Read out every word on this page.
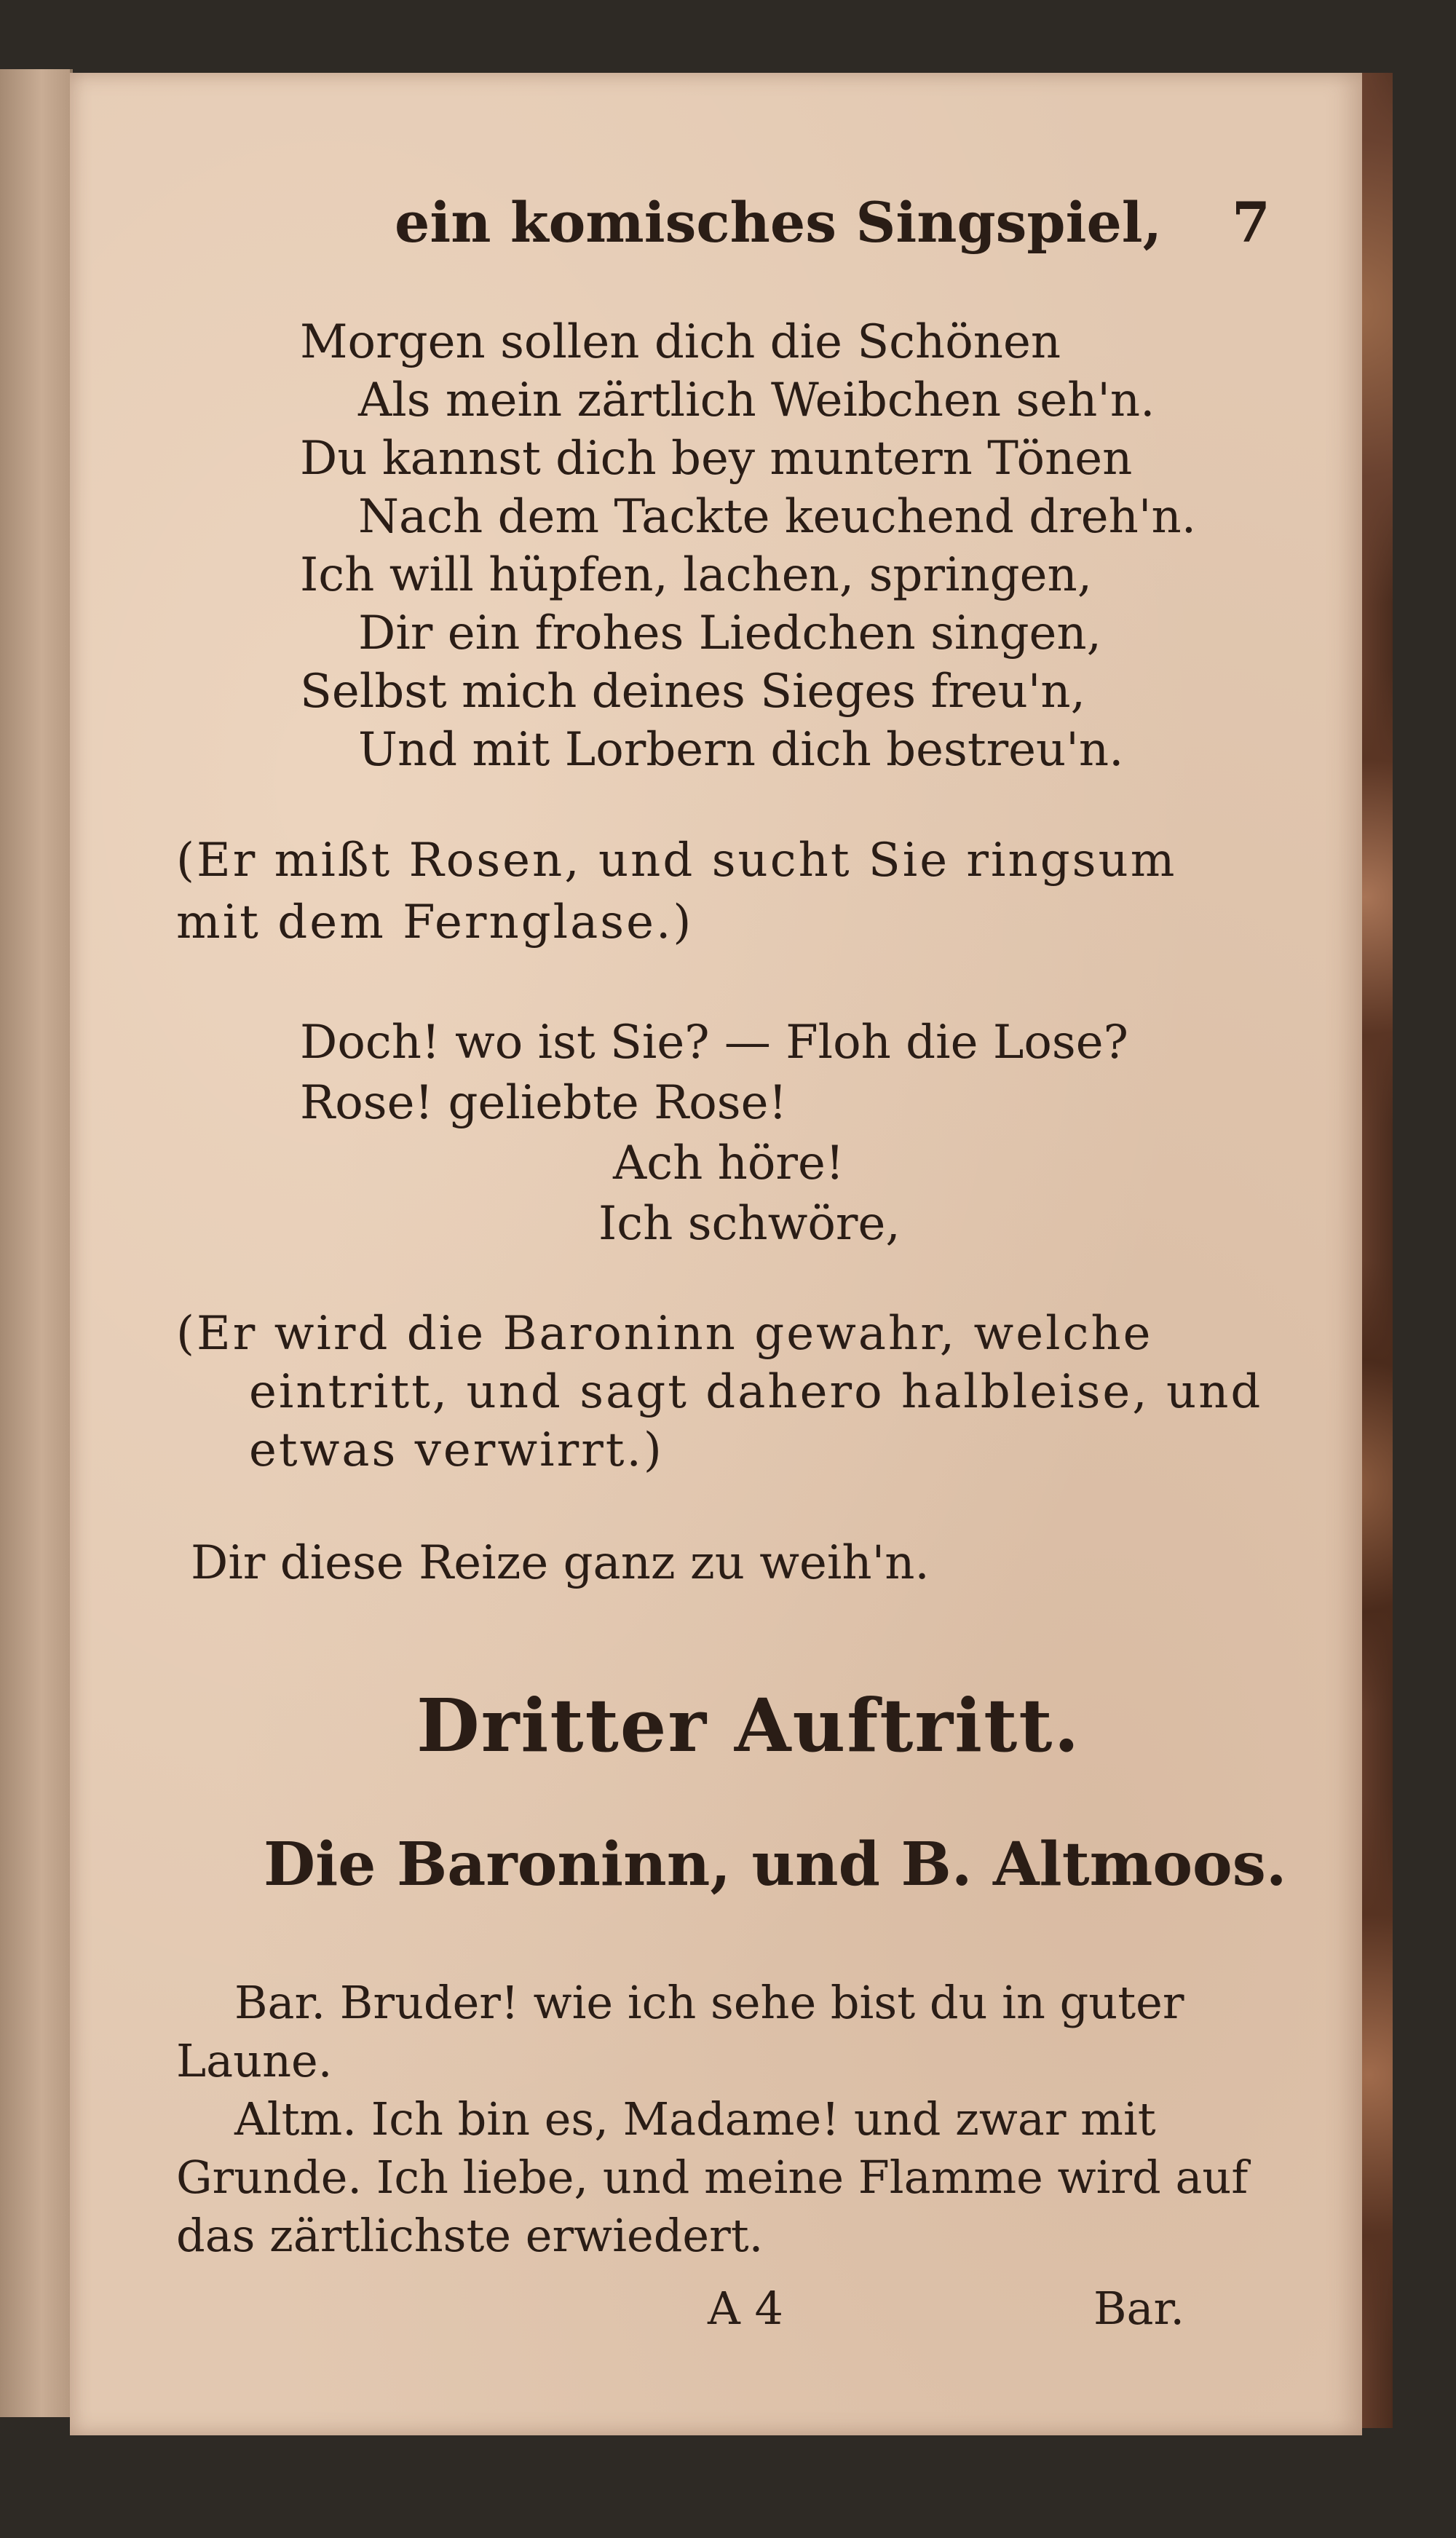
ein komisches Singspiel, 7
Morgen sollen dich die Schönen
Als mein zärtlich Weibchen seh'n.
Du kannst dich bey muntern Tönen
Nach dem Tackte keuchend dreh'n.
Ich will hüpfen, lachen, springen,
Dir ein frohes Liedchen singen,
Selbst mich deines Sieges freu'n,
Und mit Lorbern dich bestreu'n.
(Er mißt Rosen, und sucht Sie ringsum
mit dem Fernglase.)
Doch! wo ist Sie? — Floh die Lose?
Rose! geliebte Rose!
Ach höre!
Ich schwöre,
(Er wird die Baroninn gewahr, welche
eintritt, und sagt dahero halbleise, und
etwas verwirrt.)
Dir diese Reize ganz zu weih'n.
Dritter Auftritt.
Die Baroninn, und B. Altmoos.
Bar. Bruder! wie ich sehe bist du in guter
Laune.
Altm. Ich bin es, Madame! und zwar mit
Grunde. Ich liebe, und meine Flamme wird auf
das zärtlichste erwiedert.
A 4	Bar.
